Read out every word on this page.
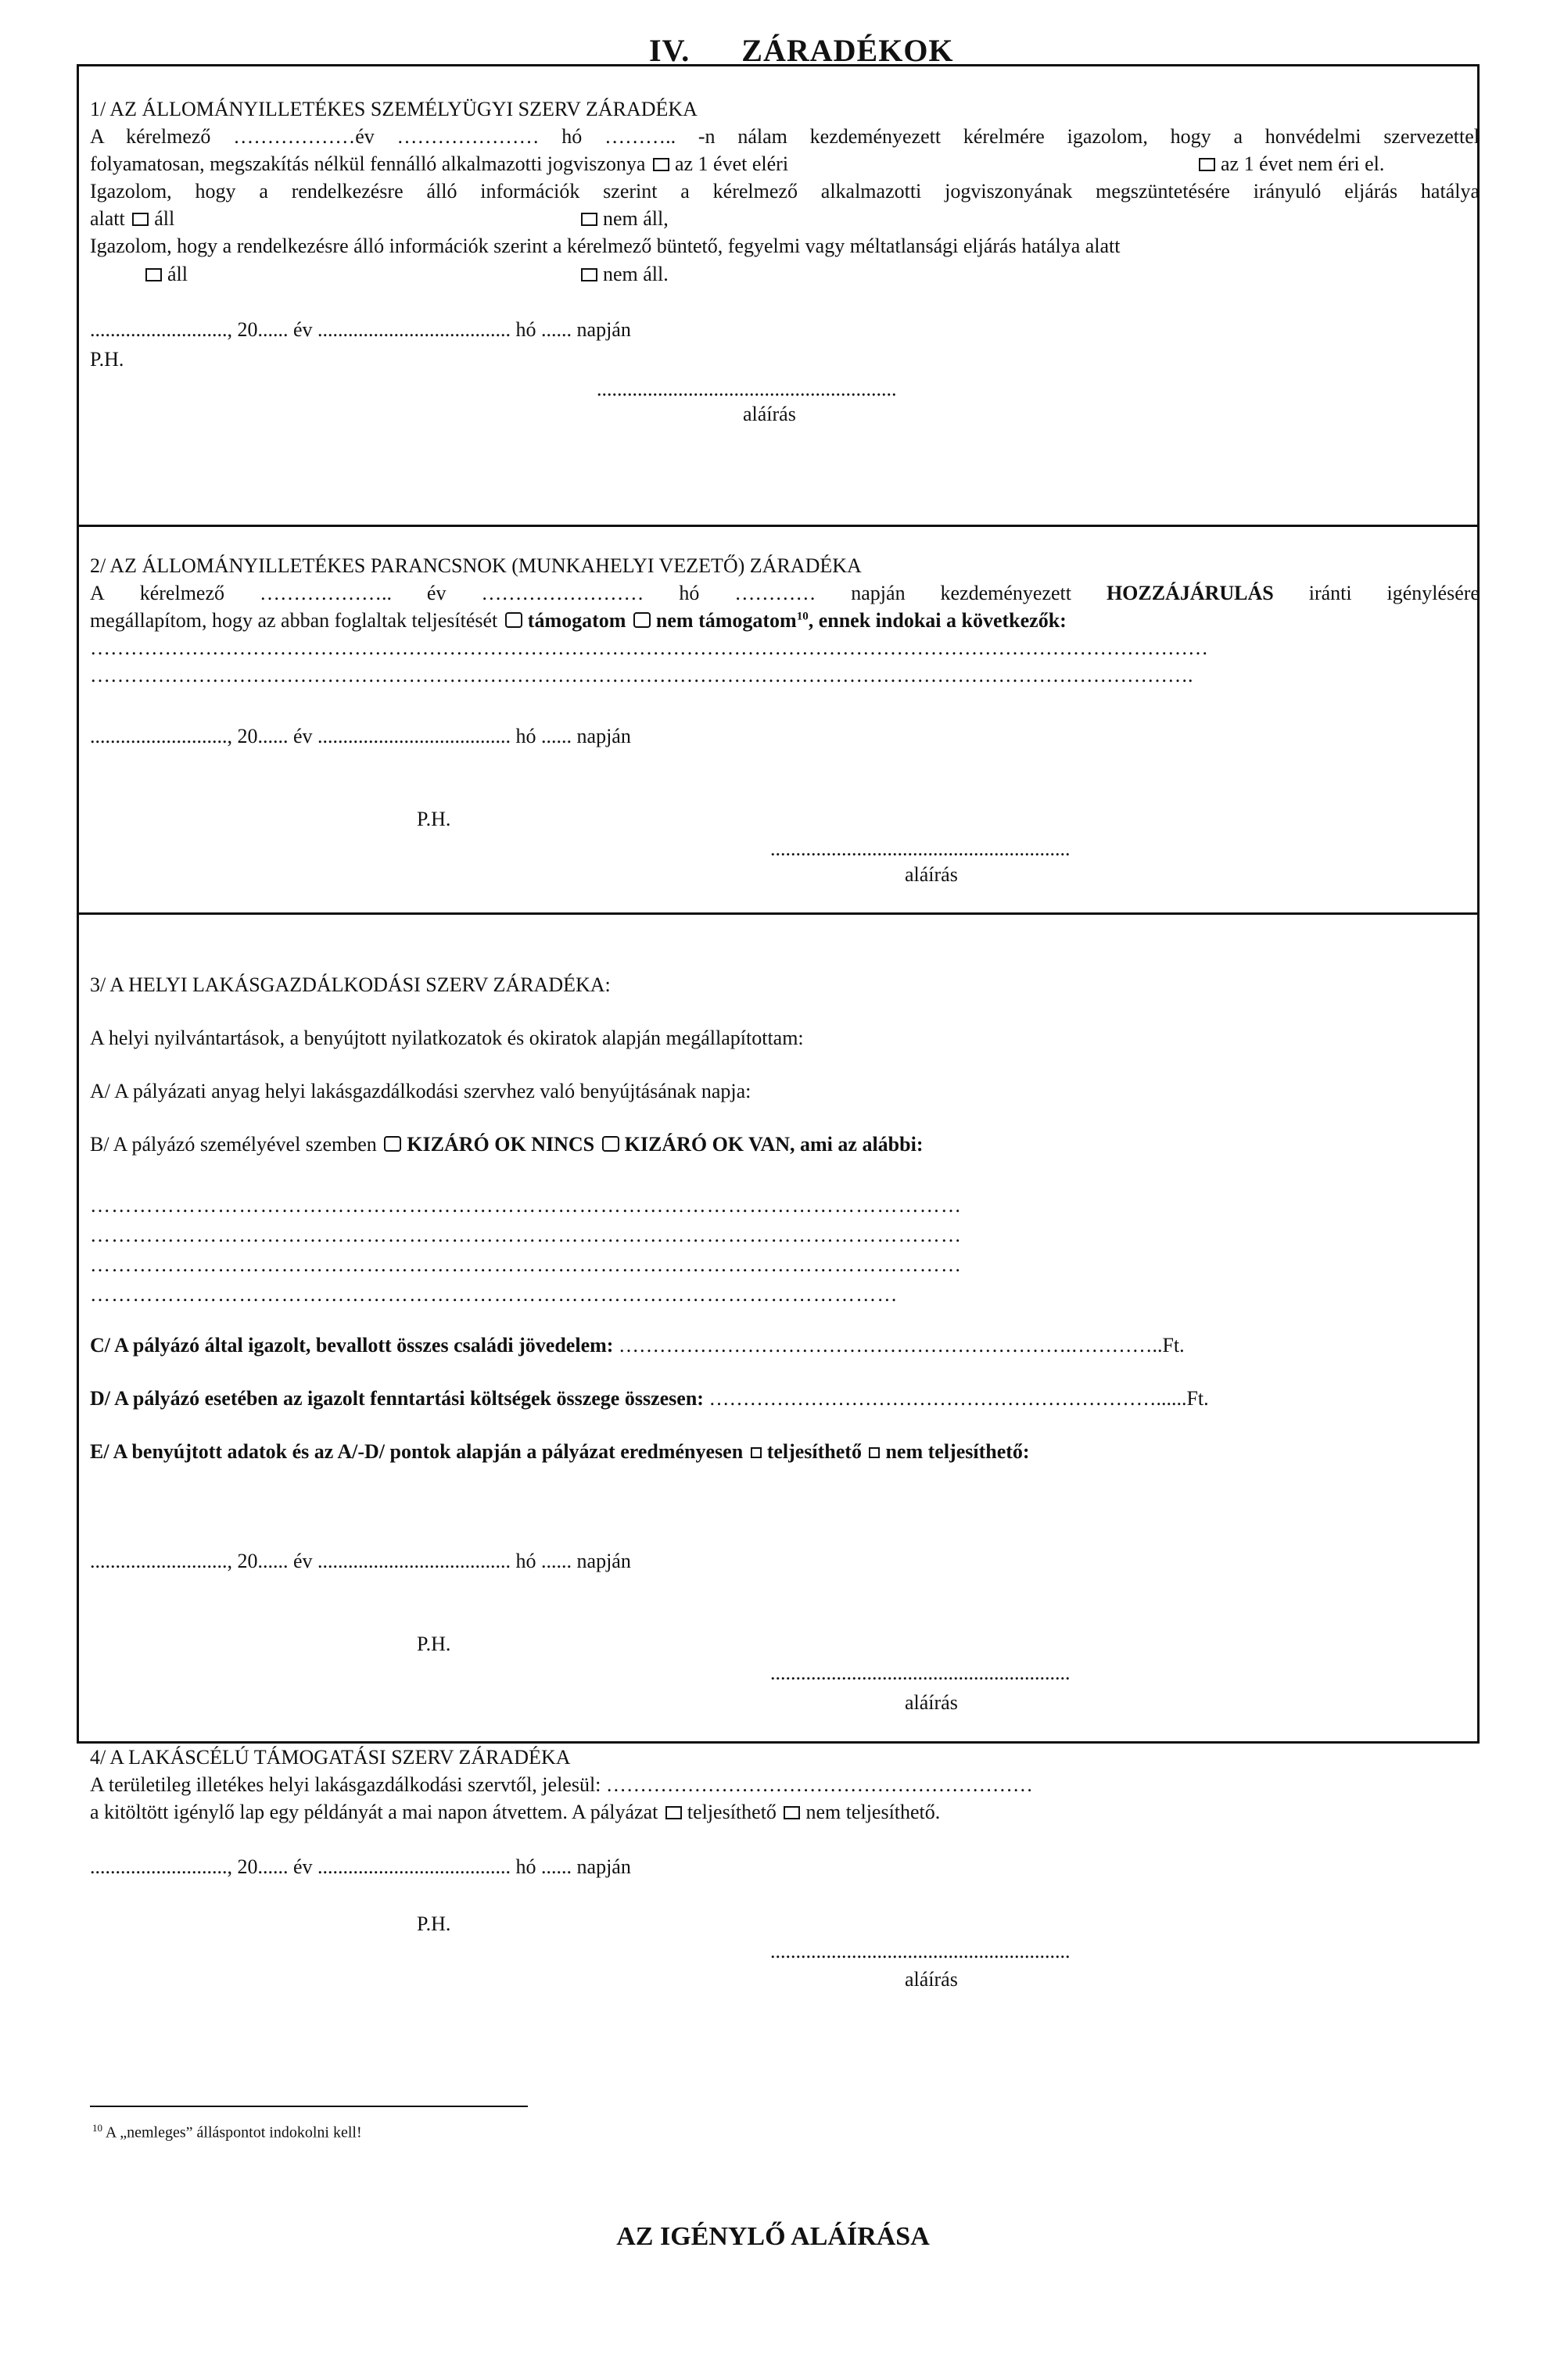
IV. ZÁRADÉKOK
1/ AZ ÁLLOMÁNYILLETÉKES SZEMÉLYÜGYI SZERV ZÁRADÉKA
A kérelmező ………………év ………………… hó ……….. -n nálam kezdeményezett kérelmére igazolom, hogy a honvédelmi szervezettel
folyamatosan, megszakítás nélkül fennálló alkalmazotti jogviszonya az 1 évet eléri	az 1 évet nem éri el.
Igazolom, hogy a rendelkezésre álló információk szerint a kérelmező alkalmazotti jogviszonyának megszüntetésére irányuló eljárás hatálya
alatt áll	nem áll,
Igazolom, hogy a rendelkezésre álló információk szerint a kérelmező büntető, fegyelmi vagy méltatlansági eljárás hatálya alatt
áll	nem áll.
..........................., 20...... év ...................................... hó ...... napján
P.H.
...........................................................
aláírás
2/ AZ ÁLLOMÁNYILLETÉKES PARANCSNOK (MUNKAHELYI VEZETŐ) ZÁRADÉKA
A kérelmező ……………….. év …………………… hó ………… napján kezdeményezett HOZZÁJÁRULÁS iránti igénylésére
megállapítom, hogy az abban foglaltak teljesítését támogatom nem támogatom$^{10}$, ennek indokai a következők:
…………………………………………………………………………………………………………………………………………………
……………………………………………………………………………………………………………………………………………….
..........................., 20...... év ...................................... hó ...... napján
P.H.
...........................................................
aláírás
3/ A HELYI LAKÁSGAZDÁLKODÁSI SZERV ZÁRADÉKA:
A helyi nyilvántartások, a benyújtott nyilatkozatok és okiratok alapján megállapítottam:
A/ A pályázati anyag helyi lakásgazdálkodási szervhez való benyújtásának napja:
B/ A pályázó személyével szemben KIZÁRÓ OK NINCS KIZÁRÓ OK VAN, ami az alábbi:
……………………………………………………………………………………………………………
……………………………………………………………………………………………………………
……………………………………………………………………………………………………………
……………………………………………………………………………………………………
C/ A pályázó által igazolt, bevallott összes családi jövedelem: ………………………………………………………….…………..Ft.
D/ A pályázó esetében az igazolt fenntartási költségek összege összesen: …………………………………………………………......Ft.
E/ A benyújtott adatok és az A/-D/ pontok alapján a pályázat eredményesen teljesíthető nem teljesíthető:
..........................., 20...... év ...................................... hó ...... napján
P.H.
...........................................................
aláírás
4/ A LAKÁSCÉLÚ TÁMOGATÁSI SZERV ZÁRADÉKA
A területileg illetékes helyi lakásgazdálkodási szervtől, jelesül: ………………………………………………………
a kitöltött igénylő lap egy példányát a mai napon átvettem. A pályázat teljesíthető nem teljesíthető.
..........................., 20...... év ...................................... hó ...... napján
P.H.
...........................................................
aláírás
$^{10}$ A „nemleges” álláspontot indokolni kell!
AZ IGÉNYLŐ ALÁÍRÁSA
